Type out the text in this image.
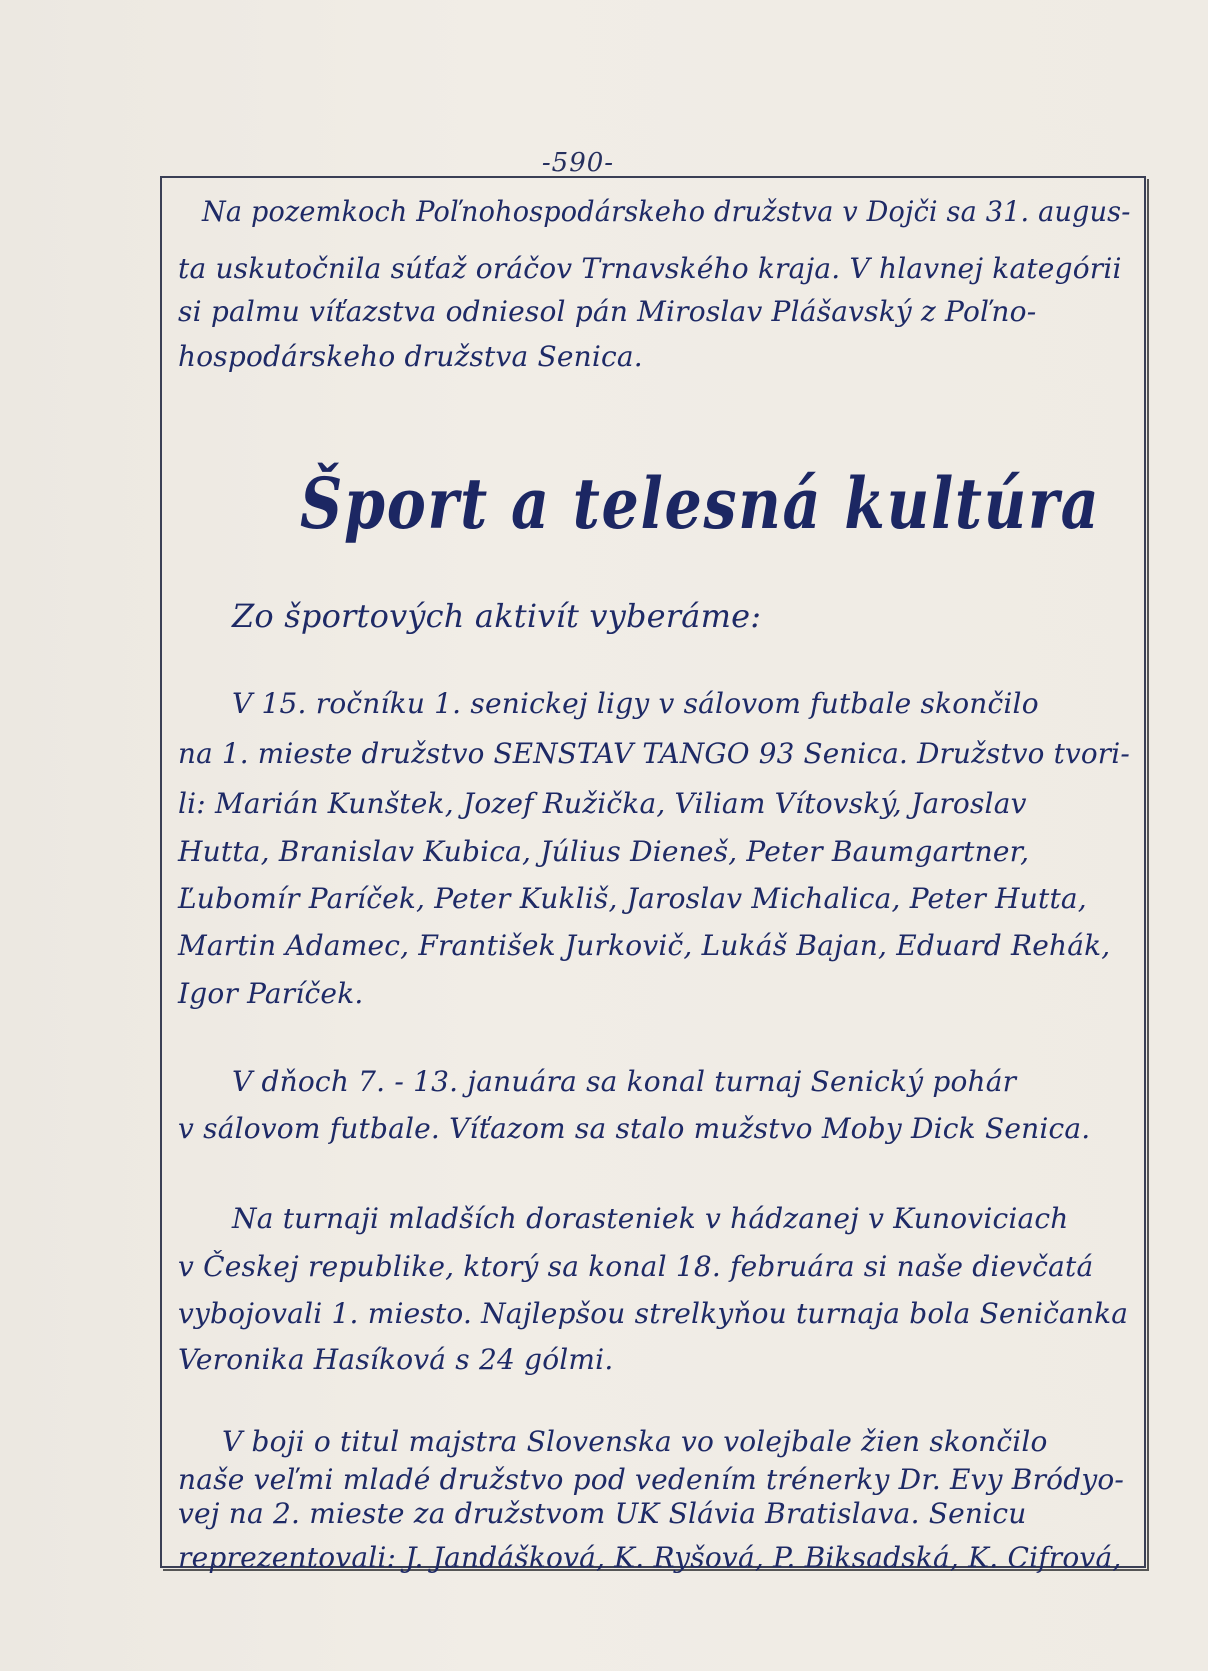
-590-
Na pozemkoch Poľnohospodárskeho družstva v Dojči sa 31. augus-
ta uskutočnila súťaž oráčov Trnavského kraja. V hlavnej kategórii
si palmu víťazstva odniesol pán Miroslav Plášavský z Poľno-
hospodárskeho družstva Senica.
Šport a telesná kultúra
Zo športových aktivít vyberáme:
V 15. ročníku 1. senickej ligy v sálovom futbale skončilo
na 1. mieste družstvo SENSTAV TANGO 93 Senica. Družstvo tvori-
li: Marián Kunštek, Jozef Ružička, Viliam Vítovský, Jaroslav
Hutta, Branislav Kubica, Július Dieneš, Peter Baumgartner,
Ľubomír Paríček, Peter Kukliš, Jaroslav Michalica, Peter Hutta,
Martin Adamec, František Jurkovič, Lukáš Bajan, Eduard Rehák,
Igor Paríček.
V dňoch 7. - 13. januára sa konal turnaj Senický pohár
v sálovom futbale. Víťazom sa stalo mužstvo Moby Dick Senica.
Na turnaji mladších dorasteniek v hádzanej v Kunoviciach
v Českej republike, ktorý sa konal 18. februára si naše dievčatá
vybojovali 1. miesto. Najlepšou strelkyňou turnaja bola Seničanka
Veronika Hasíková s 24 gólmi.
V boji o titul majstra Slovenska vo volejbale žien skončilo
naše veľmi mladé družstvo pod vedením trénerky Dr. Evy Bródyo-
vej na 2. mieste za družstvom UK Slávia Bratislava. Senicu
reprezentovali: J. Jandášková, K. Ryšová, P. Biksadská, K. Cifrová,
